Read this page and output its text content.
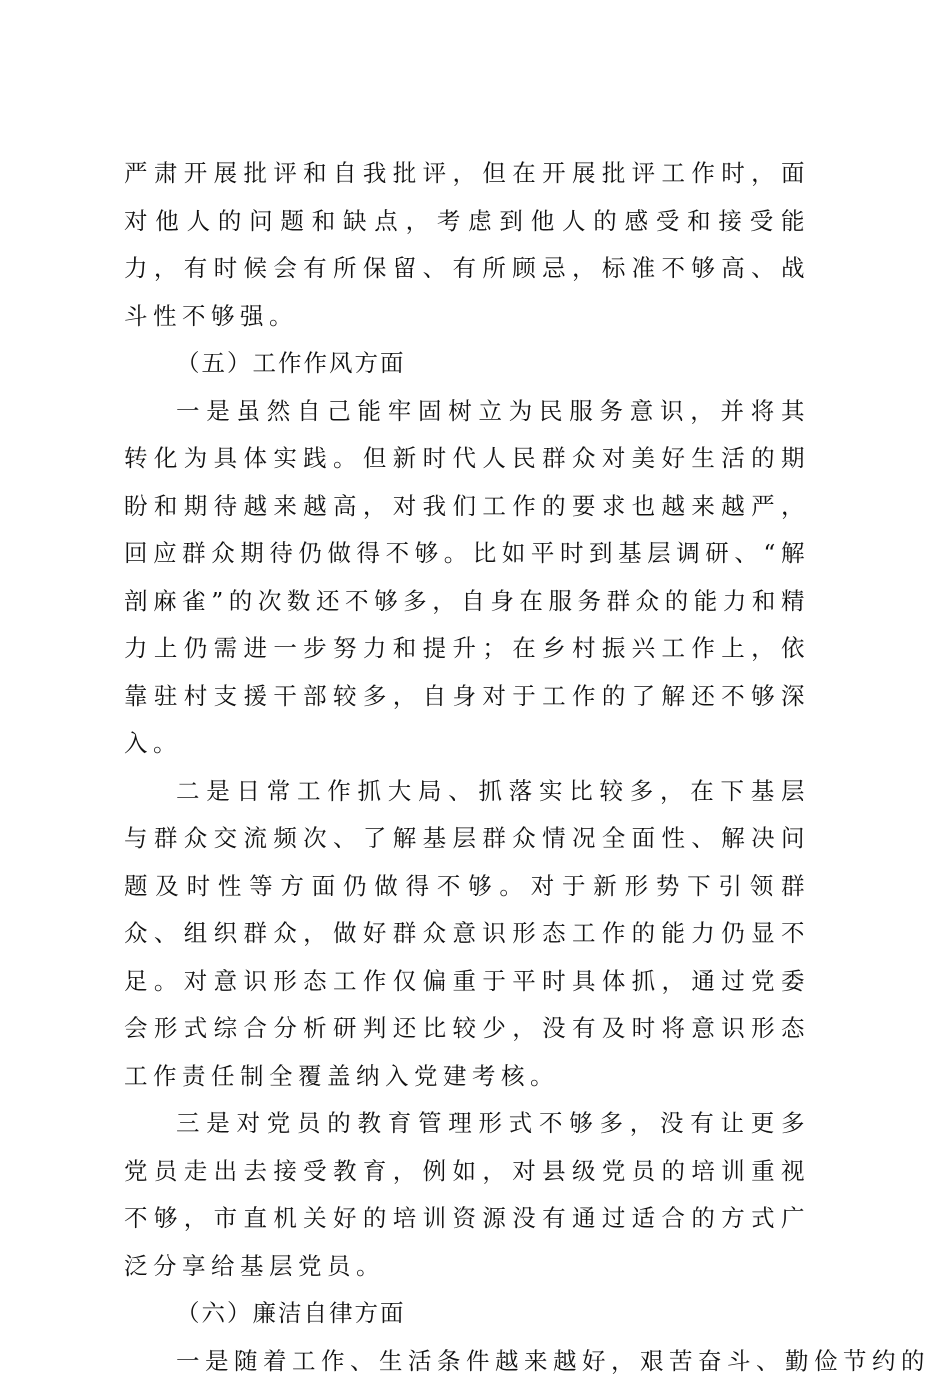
严肃开展批评和自我批评，但在开展批评工作时，面对他人的问题和缺点，考虑到他人的感受和接受能力，有时候会有所保留、有所顾忌，标准不够高、战斗性不够强。

（五）工作作风方面

一是虽然自己能牢固树立为民服务意识，并将其转化为具体实践。但新时代人民群众对美好生活的期盼和期待越来越高，对我们工作的要求也越来越严，回应群众期待仍做得不够。比如平时到基层调研、“解剖麻雀”的次数还不够多，自身在服务群众的能力和精力上仍需进一步努力和提升；在乡村振兴工作上，依靠驻村支援干部较多，自身对于工作的了解还不够深入。

二是日常工作抓大局、抓落实比较多，在下基层与群众交流频次、了解基层群众情况全面性、解决问题及时性等方面仍做得不够。对于新形势下引领群众、组织群众，做好群众意识形态工作的能力仍显不足。对意识形态工作仅偏重于平时具体抓，通过党委会形式综合分析研判还比较少，没有及时将意识形态工作责任制全覆盖纳入党建考核。

三是对党员的教育管理形式不够多，没有让更多党员走出去接受教育，例如，对县级党员的培训重视不够，市直机关好的培训资源没有通过适合的方式广泛分享给基层党员。

（六）廉洁自律方面

一是随着工作、生活条件越来越好，艰苦奋斗、勤俭节约的
